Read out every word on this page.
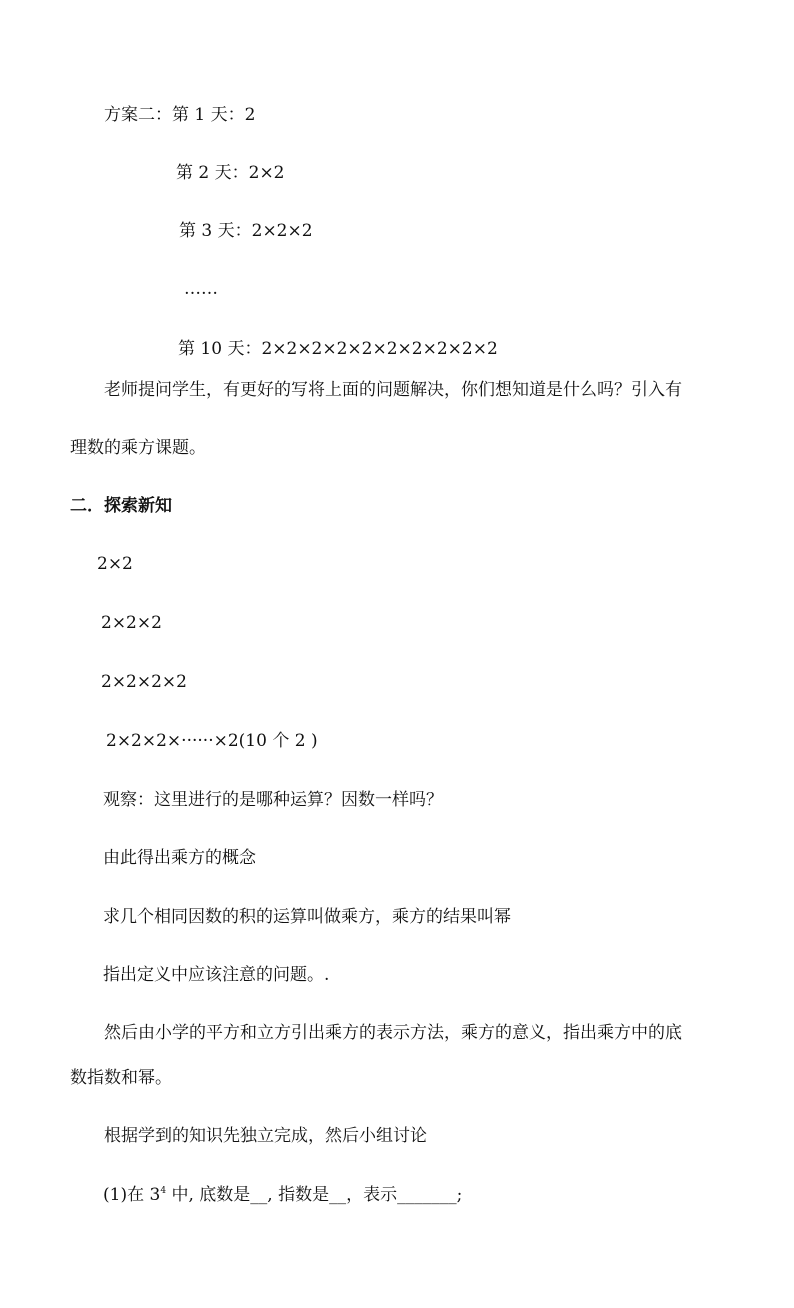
方案二：第 1 天：2
第 2 天：2×2
第 3 天：2×2×2
……
第 10 天：2×2×2×2×2×2×2×2×2×2
老师提问学生，有更好的写将上面的问题解决，你们想知道是什么吗？引入有
理数的乘方课题。
二．探索新知
2×2
2×2×2
2×2×2×2
2×2×2×······×2(10 个 2 )
观察：这里进行的是哪种运算？因数一样吗？
由此得出乘方的概念
求几个相同因数的积的运算叫做乘方，乘方的结果叫幂
指出定义中应该注意的问题。.
然后由小学的平方和立方引出乘方的表示方法，乘方的意义，指出乘方中的底
数指数和幂。
根据学到的知识先独立完成，然后小组讨论
(1)在 $3^4$ 中, 底数是__, 指数是__，表示_______;
